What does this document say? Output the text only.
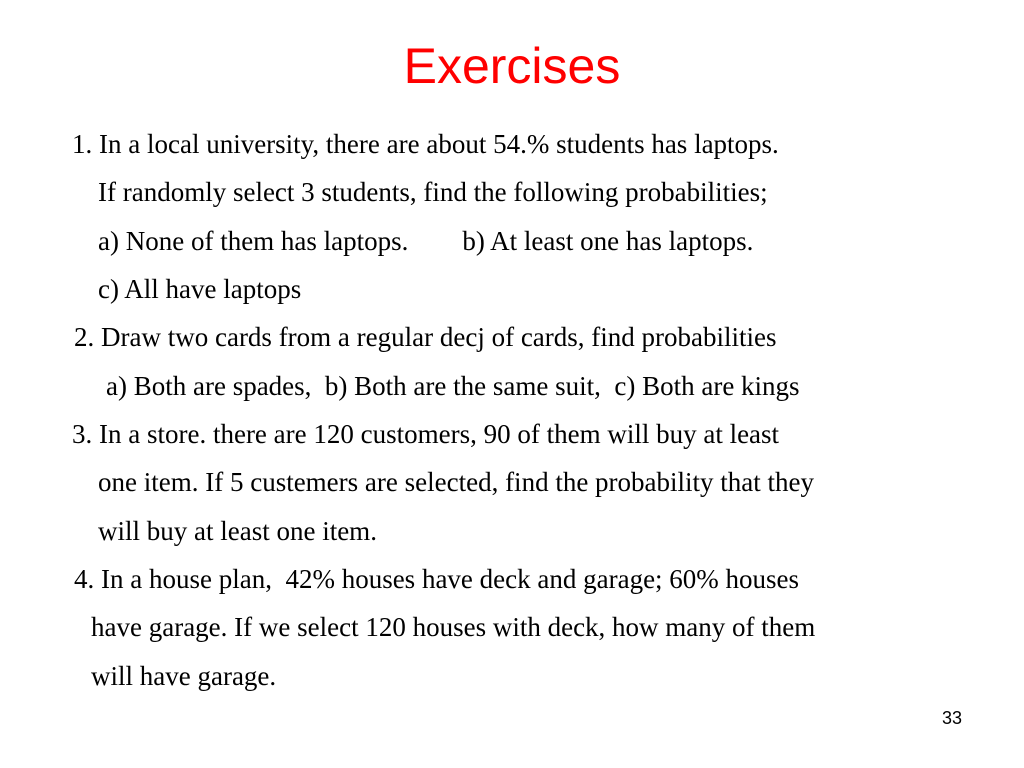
Exercises
1. In a local university, there are about 54.% students has laptops.
If randomly select 3 students, find the following probabilities;
a) None of them has laptops.        b) At least one has laptops.
c) All have laptops
2. Draw two cards from a regular decj of cards, find probabilities
a) Both are spades,  b) Both are the same suit,  c) Both are kings
3. In a store. there are 120 customers, 90 of them will buy at least
one item. If 5 custemers are selected, find the probability that they
will buy at least one item.
4. In a house plan,  42% houses have deck and garage; 60% houses
have garage. If we select 120 houses with deck, how many of them
will have garage.
33
